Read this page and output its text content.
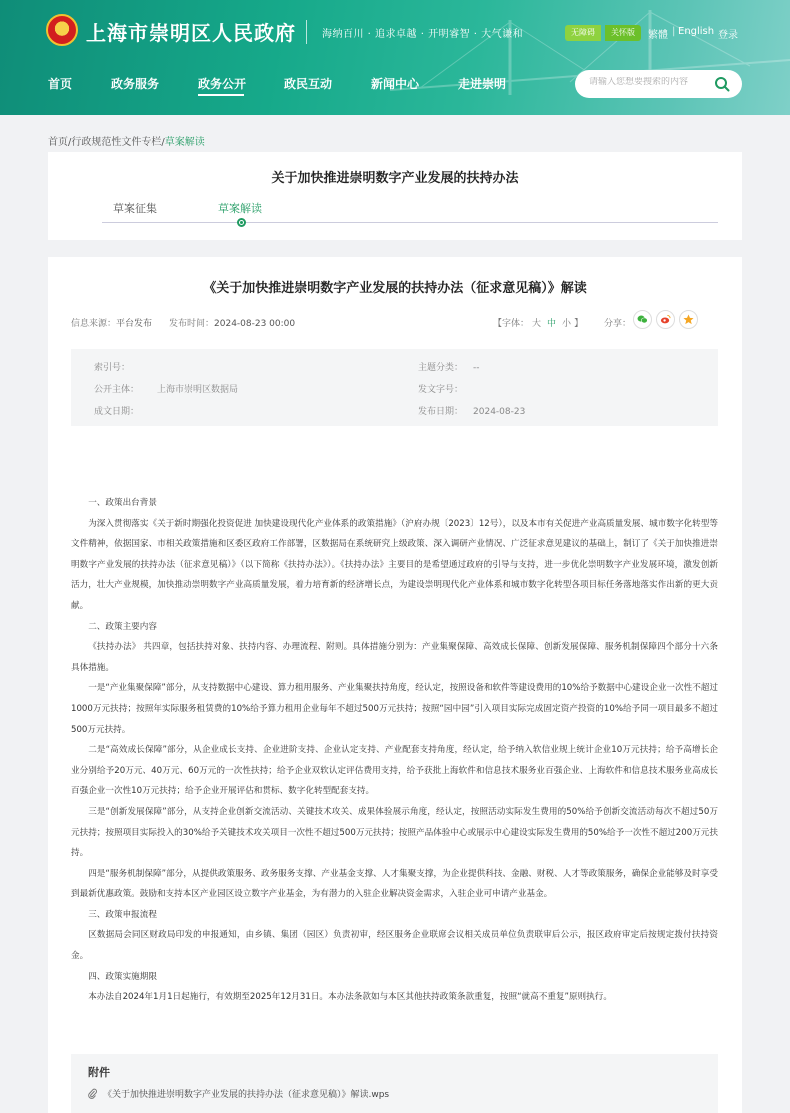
上海市崇明区人民政府	海纳百川 · 追求卓越 · 开明睿智 · 大气谦和	无障碍	关怀版	繁體 | English 登录
首页	政务服务	政务公开	政民互动	新闻中心	走进崇明
请输入您想要搜索的内容
首页/行政规范性文件专栏/草案解读
关于加快推进崇明数字产业发展的扶持办法
草案征集	草案解读
《关于加快推进崇明数字产业发展的扶持办法（征求意见稿）》解读
信息来源：平台发布 发布时间：2024-08-23 00:00	【字体： 大 中 小 】 分享：
索引号：	主题分类： --
公开主体： 上海市崇明区数据局	发文字号：
成文日期：	发布日期： 2024-08-23

一、政策出台背景

为深入贯彻落实《关于新时期强化投资促进 加快建设现代化产业体系的政策措施》（沪府办规〔2023〕12号），以及本市有关促进产业高质量发展、城市数字化转型等文件精神，依据国家、市相关政策措施和区委区政府工作部署，区数据局在系统研究上级政策、深入调研产业情况、广泛征求意见建议的基础上，制订了《关于加快推进崇明数字产业发展的扶持办法（征求意见稿）》（以下简称《扶持办法》）。《扶持办法》主要目的是希望通过政府的引导与支持，进一步优化崇明数字产业发展环境，激发创新活力，壮大产业规模，加快推动崇明数字产业高质量发展，着力培育新的经济增长点，为建设崇明现代化产业体系和城市数字化转型各项目标任务落地落实作出新的更大贡献。

二、政策主要内容

《扶持办法》 共四章，包括扶持对象、扶持内容、办理流程、附则。具体措施分别为：产业集聚保障、高效成长保障、创新发展保障、服务机制保障四个部分十六条具体措施。

一是“产业集聚保障”部分，从支持数据中心建设、算力租用服务、产业集聚扶持角度，经认定，按照设备和软件等建设费用的10%给予数据中心建设企业一次性不超过1000万元扶持；按照年实际服务租赁费的10%给予算力租用企业每年不超过500万元扶持；按照“园中园”引入项目实际完成固定资产投资的10%给予同一项目最多不超过500万元扶持。

二是“高效成长保障”部分，从企业成长支持、企业进阶支持、企业认定支持、产业配套支持角度，经认定，给予纳入软信业规上统计企业10万元扶持；给予高增长企业分别给予20万元、40万元、60万元的一次性扶持；给予企业双软认定评估费用支持，给予获批上海软件和信息技术服务业百强企业、上海软件和信息技术服务业高成长百强企业一次性10万元扶持；给予企业开展评估和贯标、数字化转型配套支持。

三是“创新发展保障”部分，从支持企业创新交流活动、关键技术攻关、成果体验展示角度，经认定，按照活动实际发生费用的50%给予创新交流活动每次不超过50万元扶持；按照项目实际投入的30%给予关键技术攻关项目一次性不超过500万元扶持；按照产品体验中心或展示中心建设实际发生费用的50%给予一次性不超过200万元扶持。

四是“服务机制保障”部分，从提供政策服务、政务服务支撑、产业基金支撑、人才集聚支撑，为企业提供科技、金融、财税、人才等政策服务，确保企业能够及时享受到最新优惠政策。鼓励和支持本区产业园区设立数字产业基金，为有潜力的入驻企业解决资金需求，入驻企业可申请产业基金。

三、政策申报流程

区数据局会同区财政局印发的申报通知，由乡镇、集团（园区）负责初审，经区服务企业联席会议相关成员单位负责联审后公示，报区政府审定后按规定拨付扶持资金。

四、政策实施期限

本办法自2024年1月1日起施行，有效期至2025年12月31日。本办法条款如与本区其他扶持政策条款重复，按照“就高不重复”原则执行。

附件
《关于加快推进崇明数字产业发展的扶持办法（征求意见稿）》解读.wps
